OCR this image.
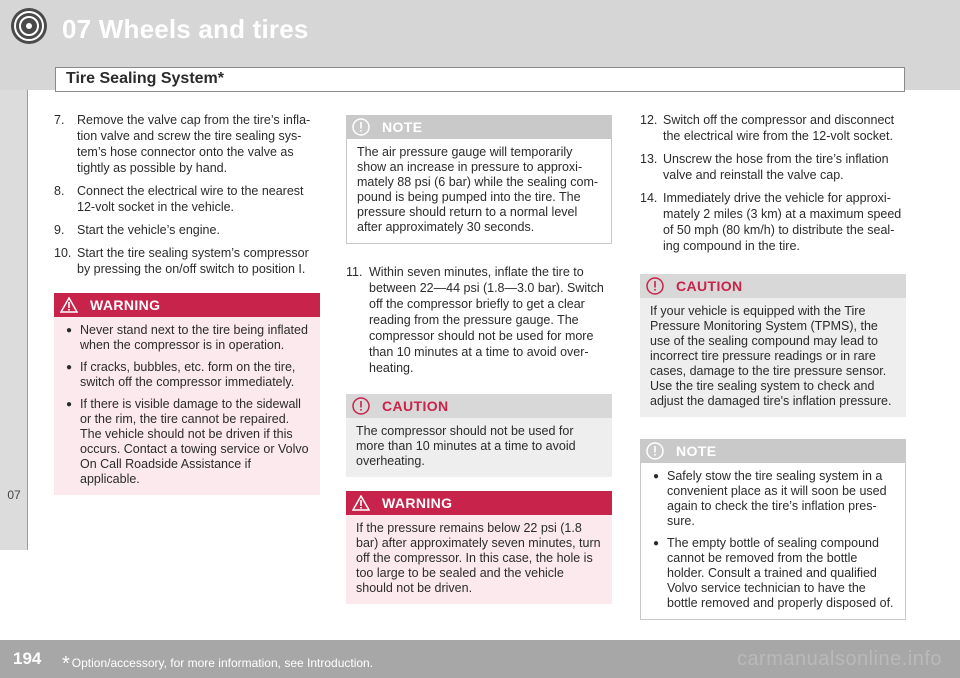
07 Wheels and tires
Tire Sealing System*
07
7.	Remove the valve cap from the tire’s infla-tion valve and screw the tire sealing sys-tem’s hose connector onto the valve as tightly as possible by hand.
8.	Connect the electrical wire to the nearest 12-volt socket in the vehicle.
9.	Start the vehicle’s engine.
10. Start the tire sealing system’s compressor by pressing the on/off switch to position I.
WARNING
● Never stand next to the tire being inflated when the compressor is in operation.
● If cracks, bubbles, etc. form on the tire, switch off the compressor immediately.
● If there is visible damage to the sidewall or the rim, the tire cannot be repaired. The vehicle should not be driven if this occurs. Contact a towing service or Volvo On Call Roadside Assistance if applicable.
NOTE
The air pressure gauge will temporarily show an increase in pressure to approxi-mately 88 psi (6 bar) while the sealing com-pound is being pumped into the tire. The pressure should return to a normal level after approximately 30 seconds.
11. Within seven minutes, inflate the tire to between 22—44 psi (1.8—3.0 bar). Switch off the compressor briefly to get a clear reading from the pressure gauge. The compressor should not be used for more than 10 minutes at a time to avoid over-heating.
CAUTION
The compressor should not be used for more than 10 minutes at a time to avoid overheating.
WARNING
If the pressure remains below 22 psi (1.8 bar) after approximately seven minutes, turn off the compressor. In this case, the hole is too large to be sealed and the vehicle should not be driven.
12. Switch off the compressor and disconnect the electrical wire from the 12-volt socket.
13. Unscrew the hose from the tire’s inflation valve and reinstall the valve cap.
14. Immediately drive the vehicle for approxi-mately 2 miles (3 km) at a maximum speed of 50 mph (80 km/h) to distribute the seal-ing compound in the tire.
CAUTION
If your vehicle is equipped with the Tire Pressure Monitoring System (TPMS), the use of the sealing compound may lead to incorrect tire pressure readings or in rare cases, damage to the tire pressure sensor. Use the tire sealing system to check and adjust the damaged tire's inflation pressure.
NOTE
● Safely stow the tire sealing system in a convenient place as it will soon be used again to check the tire’s inflation pres-sure.
● The empty bottle of sealing compound cannot be removed from the bottle holder. Consult a trained and qualified Volvo service technician to have the bottle removed and properly disposed of.
194 * Option/accessory, for more information, see Introduction.	carmanualsonline.info
